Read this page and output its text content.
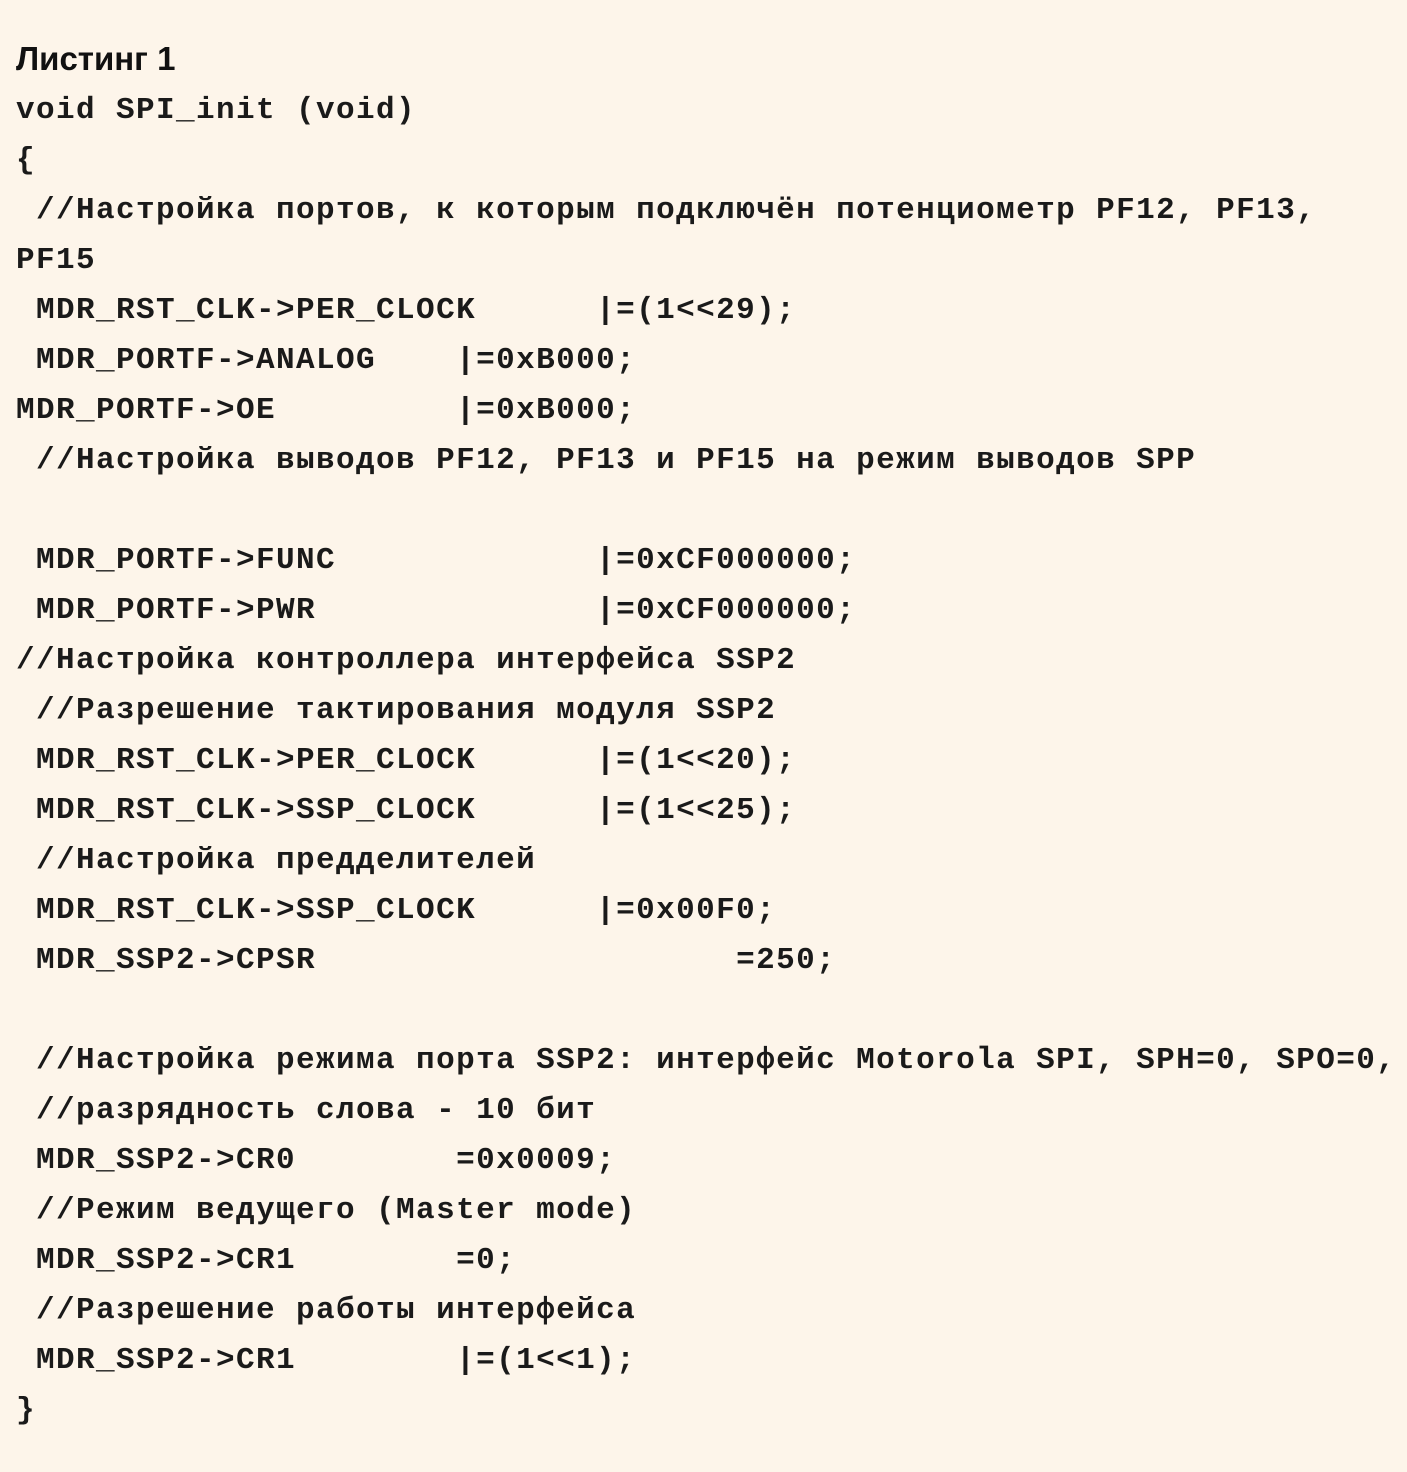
Листинг 1
void SPI_init (void)
{
//Настройка портов, к которым подключён потенциометр PF12, PF13,
PF15
MDR_RST_CLK->PER_CLOCK      |=(1<<29);
MDR_PORTF->ANALOG    |=0xB000;
MDR_PORTF->OE         |=0xB000;
//Настройка выводов PF12, PF13 и PF15 на режим выводов SPP
MDR_PORTF->FUNC             |=0xCF000000;
MDR_PORTF->PWR              |=0xCF000000;
//Настройка контроллера интерфейса SSP2
//Разрешение тактирования модуля SSP2
MDR_RST_CLK->PER_CLOCK      |=(1<<20);
MDR_RST_CLK->SSP_CLOCK      |=(1<<25);
//Настройка предделителей
MDR_RST_CLK->SSP_CLOCK      |=0x00F0;
MDR_SSP2->CPSR                     =250;
//Настройка режима порта SSP2: интерфейс Motorola SPI, SPH=0, SPO=0,
//разрядность слова - 10 бит
MDR_SSP2->CR0        =0x0009;
//Режим ведущего (Master mode)
MDR_SSP2->CR1        =0;
//Разрешение работы интерфейса
MDR_SSP2->CR1        |=(1<<1);
}
